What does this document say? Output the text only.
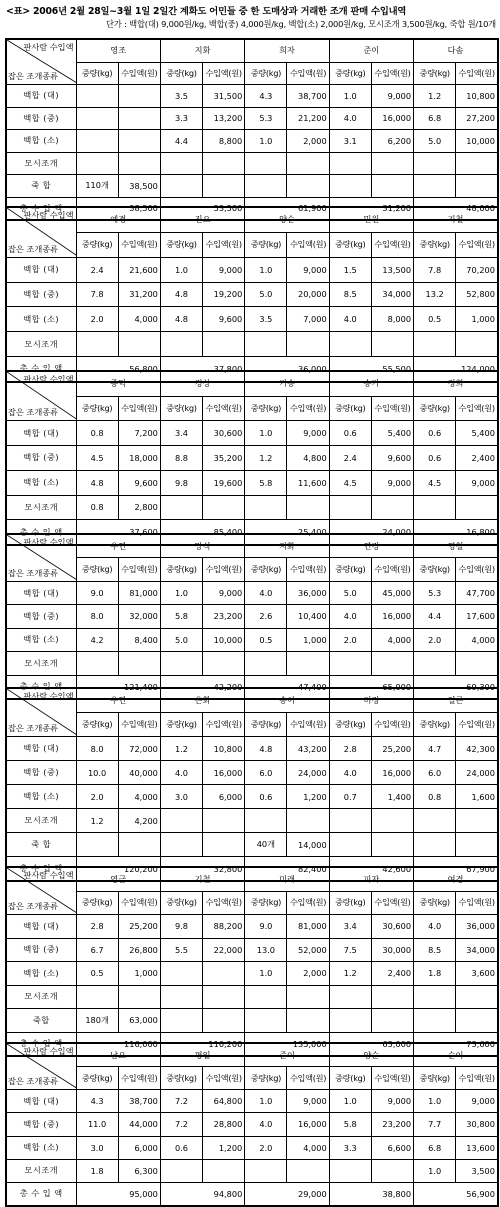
<표> 2006년 2월 28일~3월 1일 2일간 계화도 어민들 중 한 도매상과 거래한 조개 판매 수입내역
단가 : 백합(대) 9,000원/kg, 백합(중) 4,000원/kg, 백합(소) 2,000원/kg, 모시조개 3,500원/kg, 죽합 원/10개
판사람 수입액
잡은 조개종류	영조		지화		희자		준이		다솜	
	중량(kg)	수입액(원)	중량(kg)	수입액(원)	중량(kg)	수입액(원)	중량(kg)	수입액(원)	중량(kg)	수입액(원)
백합 (대)			3.5	31,500	4.3	38,700	1.0	9,000	1.2	10,800
백합 (중)			3.3	13,200	5.3	21,200	4.0	16,000	6.8	27,200
백합 (소)			4.4	8,800	1.0	2,000	3.1	6,200	5.0	10,000
모시조개										
죽 합	110개	38,500								
총 수 입 액	38,500		53,500		61,900		31,200		48,000	
판사람 수입액
잡은 조개종류	예경		진오		양순		민원		기철	
	중량(kg)	수입액(원)	중량(kg)	수입액(원)	중량(kg)	수입액(원)	중량(kg)	수입액(원)	중량(kg)	수입액(원)
백합 (대)	2.4	21,600	1.0	9,000	1.0	9,000	1.5	13,500	7.8	70,200
백합 (중)	7.8	31,200	4.8	19,200	5.0	20,000	8.5	34,000	13.2	52,800
백합 (소)	2.0	4,000	4.8	9,600	3.5	7,000	4.0	8,000	0.5	1,000
모시조개										
총 수 입 액	56,800		37,800		36,000		55,500		124,000	
판사람 수입액
잡은 조개종류	종덕		경상		기승		승기		정희	
	중량(kg)	수입액(원)	중량(kg)	수입액(원)	중량(kg)	수입액(원)	중량(kg)	수입액(원)	중량(kg)	수입액(원)
백합 (대)	0.8	7,200	3.4	30,600	1.0	9,000	0.6	5,400	0.6	5,400
백합 (중)	4.5	18,000	8.8	35,200	1.2	4,800	2.4	9,600	0.6	2,400
백합 (소)	4.8	9,600	9.8	19,600	5.8	11,600	4.5	9,000	4.5	9,000
모시조개	0.8	2,800								
총 수 입 액	37,600		85,400		25,400		24,000		16,800	
판사람 수입액
잡은 조개종류	우연		망식		지화		연경		영철	
	중량(kg)	수입액(원)	중량(kg)	수입액(원)	중량(kg)	수입액(원)	중량(kg)	수입액(원)	중량(kg)	수입액(원)
백합 (대)	9.0	81,000	1.0	9,000	4.0	36,000	5.0	45,000	5.3	47,700
백합 (중)	8.0	32,000	5.8	23,200	2.6	10,400	4.0	16,000	4.4	17,600
백합 (소)	4.2	8,400	5.0	10,000	0.5	1,000	2.0	4,000	2.0	4,000
모시조개										
총 수 입 액	121,400		42,200		47,400		65,000		69,300	
판사람 수입액
잡은 조개종류	우연		은화		송이		미정		일곤	
	중량(kg)	수입액(원)	중량(kg)	수입액(원)	중량(kg)	수입액(원)	중량(kg)	수입액(원)	중량(kg)	수입액(원)
백합 (대)	8.0	72,000	1.2	10,800	4.8	43,200	2.8	25,200	4.7	42,300
백합 (중)	10.0	40,000	4.0	16,000	6.0	24,000	4.0	16,000	6.0	24,000
백합 (소)	2.0	4,000	3.0	6,000	0.6	1,200	0.7	1,400	0.8	1,600
모시조개	1.2	4,200								
죽 합					40개	14,000				
총 수 입 액	120,200		32,800		82,400		42,600		67,900	
판사람 수입액
잡은 조개종류	영근		기철		미래		피자		여경	
	중량(kg)	수입액(원)	중량(kg)	수입액(원)	중량(kg)	수입액(원)	중량(kg)	수입액(원)	중량(kg)	수입액(원)
백합 (대)	2.8	25,200	9.8	88,200	9.0	81,000	3.4	30,600	4.0	36,000
백합 (중)	6.7	26,800	5.5	22,000	13.0	52,000	7.5	30,000	8.5	34,000
백합 (소)	0.5	1,000			1.0	2,000	1.2	2,400	1.8	3,600
모시조개										
죽합	180개	63,000								
총 수 입 액	116,000		110,200		135,000		63,000		73,600	
판사람 수입액
잡은 조개종류	남오		평일		준이		양순		순이	
	중량(kg)	수입액(원)	중량(kg)	수입액(원)	중량(kg)	수입액(원)	중량(kg)	수입액(원)	중량(kg)	수입액(원)
백합 (대)	4.3	38,700	7.2	64,800	1.0	9,000	1.0	9,000	1.0	9,000
백합 (중)	11.0	44,000	7.2	28,800	4.0	16,000	5.8	23,200	7.7	30,800
백합 (소)	3.0	6,000	0.6	1,200	2.0	4,000	3.3	6,600	6.8	13,600
모시조개	1.8	6,300							1.0	3,500
총 수 입 액	95,000		94,800		29,000		38,800		56,900	
